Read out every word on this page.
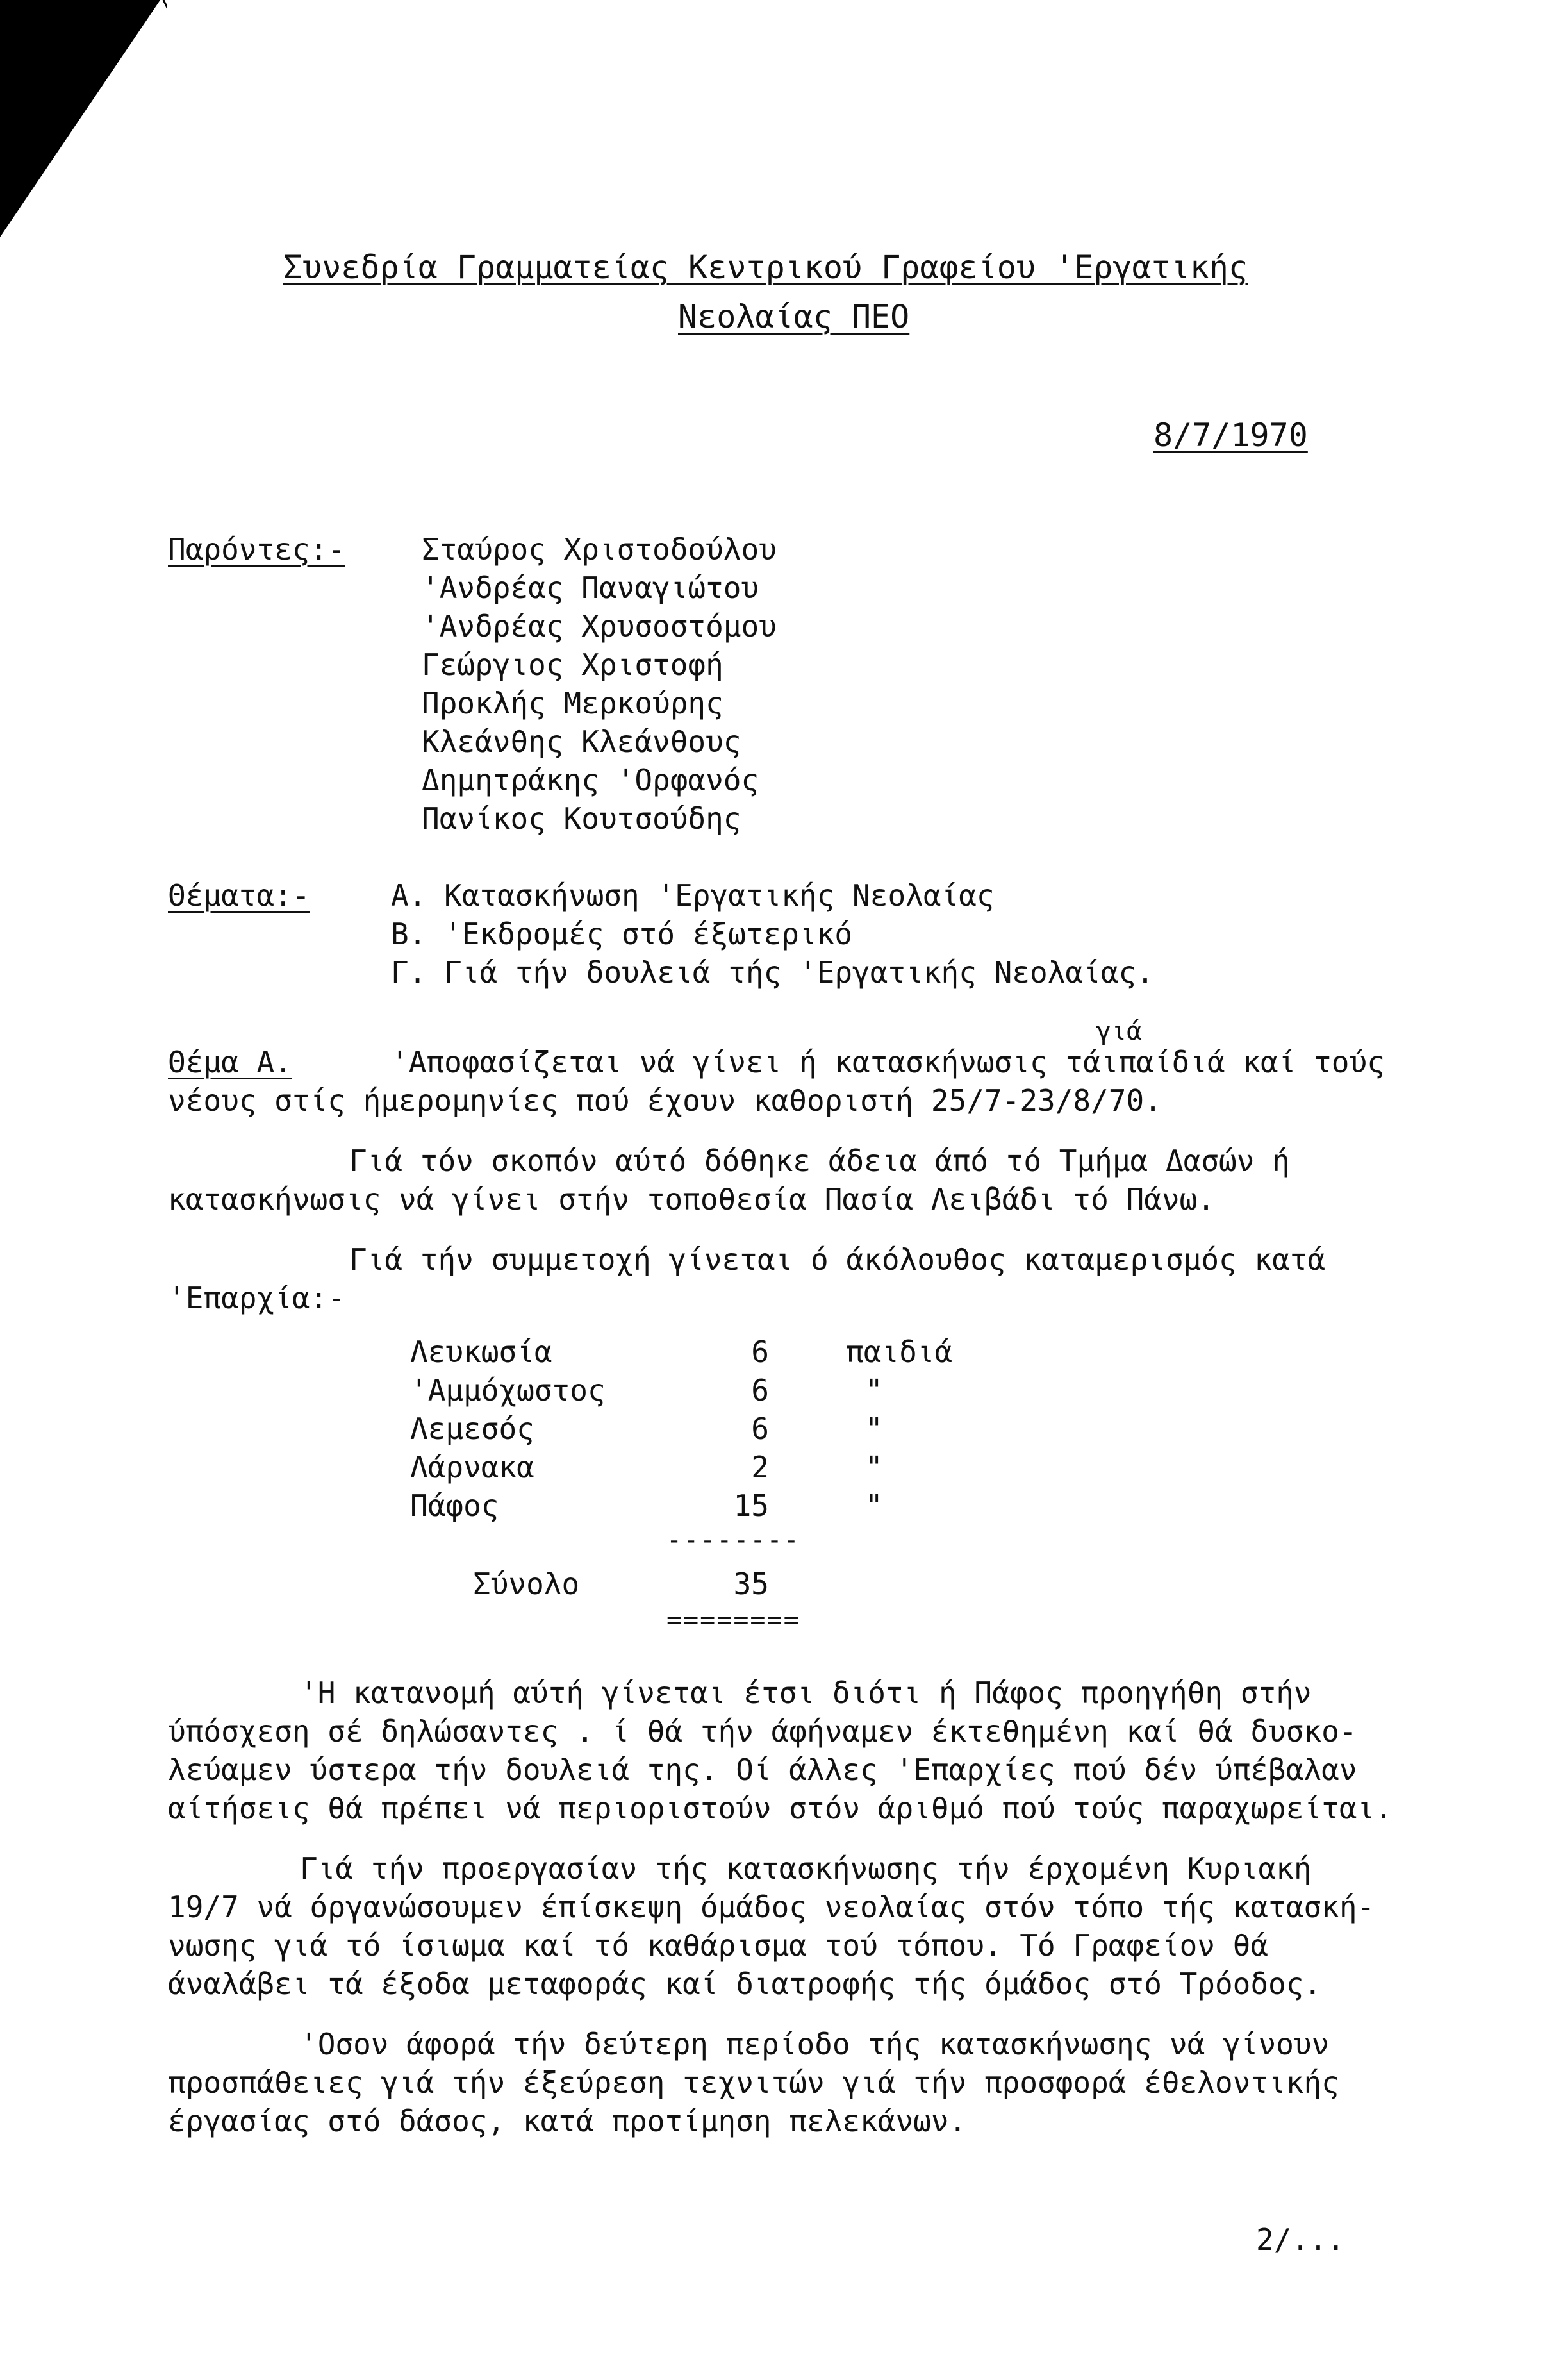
Συνεδρία Γραμματείας Κεντρικού Γραφείου 'Εργατικής
Νεολαίας ΠΕΟ
8/7/1970
Παρόντες:-	Σταύρος Χριστοδούλου
'Ανδρέας Παναγιώτου
'Ανδρέας Χρυσοστόμου
Γεώργιος Χριστοφή
Προκλής Μερκούρης
Κλεάνθης Κλεάνθους
Δημητράκης 'Ορφανός
Πανίκος Κουτσούδης
Θέματα:-	Α. Κατασκήνωση 'Εργατικής Νεολαίας
Β. 'Εκδρομές στό έξωτερικό
Γ. Γιά τήν δουλειά τής 'Εργατικής Νεολαίας.
γιά
Θέμα Α.	'Αποφασίζεται νά γίνει ή κατασκήνωσις τάιπαίδιά καί τούς
νέους στίς ήμερομηνίες πού έχουν καθοριστή 25/7-23/8/70.
Γιά τόν σκοπόν αύτό δόθηκε άδεια άπό τό Τμήμα Δασών ή
κατασκήνωσις νά γίνει στήν τοποθεσία Πασία Λειβάδι τό Πάνω.
Γιά τήν συμμετοχή γίνεται ό άκόλουθος καταμερισμός κατά
'Επαρχία:-
Λευκωσία	6	παιδιά
'Αμμόχωστος	6	"
Λεμεσός	6	"
Λάρνακα	2	"
Πάφος	15	"
--------
Σύνολο	35
========
'Η κατανομή αύτή γίνεται έτσι διότι ή Πάφος προηγήθη στήν
ύπόσχεση σέ δηλώσαντες . ί θά τήν άφήναμεν έκτεθημένη καί θά δυσκο-
λεύαμεν ύστερα τήν δουλειά της. Οί άλλες 'Επαρχίες πού δέν ύπέβαλαν
αίτήσεις θά πρέπει νά περιοριστούν στόν άριθμό πού τούς παραχωρείται.
Γιά τήν προεργασίαν τής κατασκήνωσης τήν έρχομένη Κυριακή
19/7 νά όργανώσουμεν έπίσκεψη όμάδος νεολαίας στόν τόπο τής κατασκή-
νωσης γιά τό ίσιωμα καί τό καθάρισμα τού τόπου. Τό Γραφείον θά
άναλάβει τά έξοδα μεταφοράς καί διατροφής τής όμάδος στό Τρόοδος.
'Οσον άφορά τήν δεύτερη περίοδο τής κατασκήνωσης νά γίνουν
προσπάθειες γιά τήν έξεύρεση τεχνιτών γιά τήν προσφορά έθελοντικής
έργασίας στό δάσος, κατά προτίμηση πελεκάνων.
2/...
